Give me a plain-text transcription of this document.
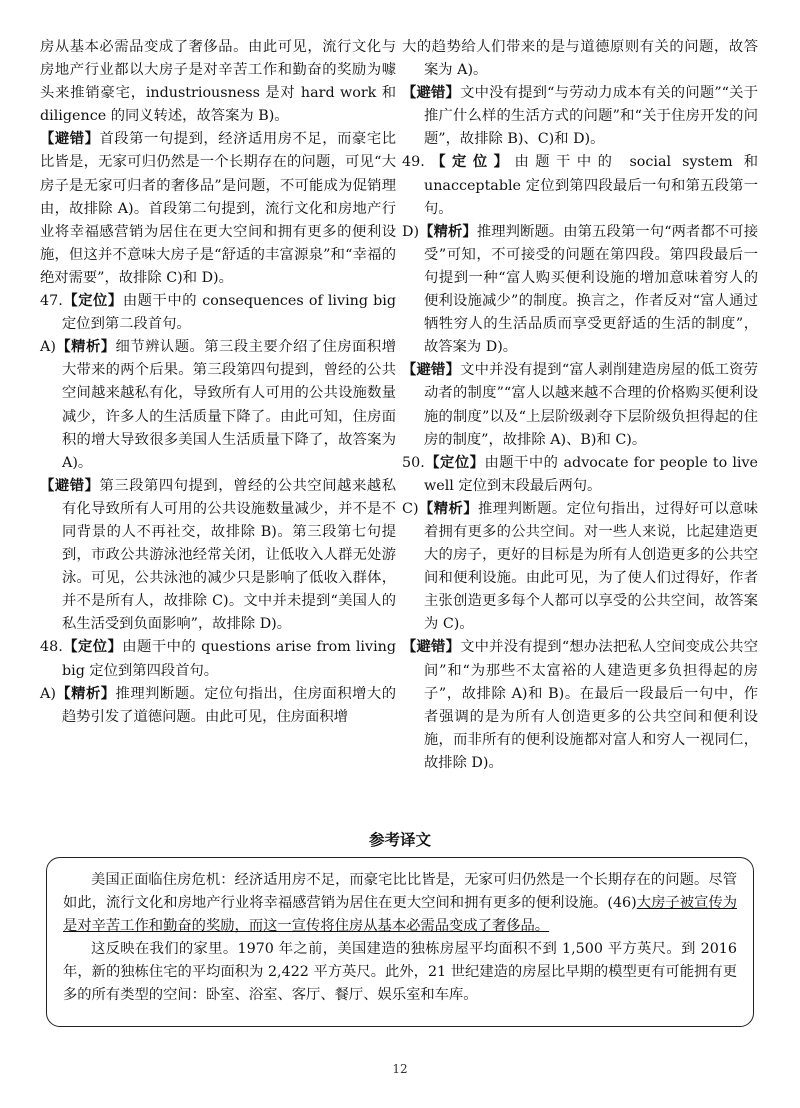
房从基本必需品变成了奢侈品。由此可见，流行文化与房地产行业都以大房子是对辛苦工作和勤奋的奖励为噱头来推销豪宅，industriousness 是对 hard work 和 diligence 的同义转述，故答案为 B)。

【避错】首段第一句提到，经济适用房不足，而豪宅比比皆是，无家可归仍然是一个长期存在的问题，可见“大房子是无家可归者的奢侈品”是问题，不可能成为促销理由，故排除 A)。首段第二句提到，流行文化和房地产行业将幸福感营销为居住在更大空间和拥有更多的便利设施，但这并不意味大房子是“舒适的丰富源泉”和“幸福的绝对需要”，故排除 C)和 D)。

47.【定位】由题干中的 consequences of living big 定位到第二段首句。

A)【精析】细节辨认题。第三段主要介绍了住房面积增大带来的两个后果。第三段第四句提到，曾经的公共空间越来越私有化，导致所有人可用的公共设施数量减少，许多人的生活质量下降了。由此可知，住房面积的增大导致很多美国人生活质量下降了，故答案为 A)。

【避错】第三段第四句提到，曾经的公共空间越来越私有化导致所有人可用的公共设施数量减少，并不是不同背景的人不再社交，故排除 B)。第三段第七句提到，市政公共游泳池经常关闭，让低收入人群无处游泳。可见，公共泳池的减少只是影响了低收入群体，并不是所有人，故排除 C)。文中并未提到“美国人的私生活受到负面影响”，故排除 D)。

48.【定位】由题干中的 questions arise from living big 定位到第四段首句。

A)【精析】推理判断题。定位句指出，住房面积增大的趋势引发了道德问题。由此可见，住房面积增

大的趋势给人们带来的是与道德原则有关的问题，故答案为 A)。

【避错】文中没有提到“与劳动力成本有关的问题”“关于推广什么样的生活方式的问题”和“关于住房开发的问题”，故排除 B)、C)和 D)。

49.【定位】由题干中的 social system 和 unacceptable 定位到第四段最后一句和第五段第一句。

D)【精析】推理判断题。由第五段第一句“两者都不可接受”可知，不可接受的问题在第四段。第四段最后一句提到一种“富人购买便利设施的增加意味着穷人的便利设施减少”的制度。换言之，作者反对“富人通过牺牲穷人的生活品质而享受更舒适的生活的制度”，故答案为 D)。

【避错】文中并没有提到“富人剥削建造房屋的低工资劳动者的制度”“富人以越来越不合理的价格购买便利设施的制度”以及“上层阶级剥夺下层阶级负担得起的住房的制度”，故排除 A)、B)和 C)。

50.【定位】由题干中的 advocate for people to live well 定位到末段最后两句。

C)【精析】推理判断题。定位句指出，过得好可以意味着拥有更多的公共空间。对一些人来说，比起建造更大的房子，更好的目标是为所有人创造更多的公共空间和便利设施。由此可见，为了使人们过得好，作者主张创造更多每个人都可以享受的公共空间，故答案为 C)。

【避错】文中并没有提到“想办法把私人空间变成公共空间”和“为那些不太富裕的人建造更多负担得起的房子”，故排除 A)和 B)。在最后一段最后一句中，作者强调的是为所有人创造更多的公共空间和便利设施，而非所有的便利设施都对富人和穷人一视同仁，故排除 D)。

参考译文

美国正面临住房危机：经济适用房不足，而豪宅比比皆是，无家可归仍然是一个长期存在的问题。尽管如此，流行文化和房地产行业将幸福感营销为居住在更大空间和拥有更多的便利设施。(46)大房子被宣传为是对辛苦工作和勤奋的奖励，而这一宣传将住房从基本必需品变成了奢侈品。

这反映在我们的家里。1970 年之前，美国建造的独栋房屋平均面积不到 1,500 平方英尺。到 2016 年，新的独栋住宅的平均面积为 2,422 平方英尺。此外，21 世纪建造的房屋比早期的模型更有可能拥有更多的所有类型的空间：卧室、浴室、客厅、餐厅、娱乐室和车库。

12
